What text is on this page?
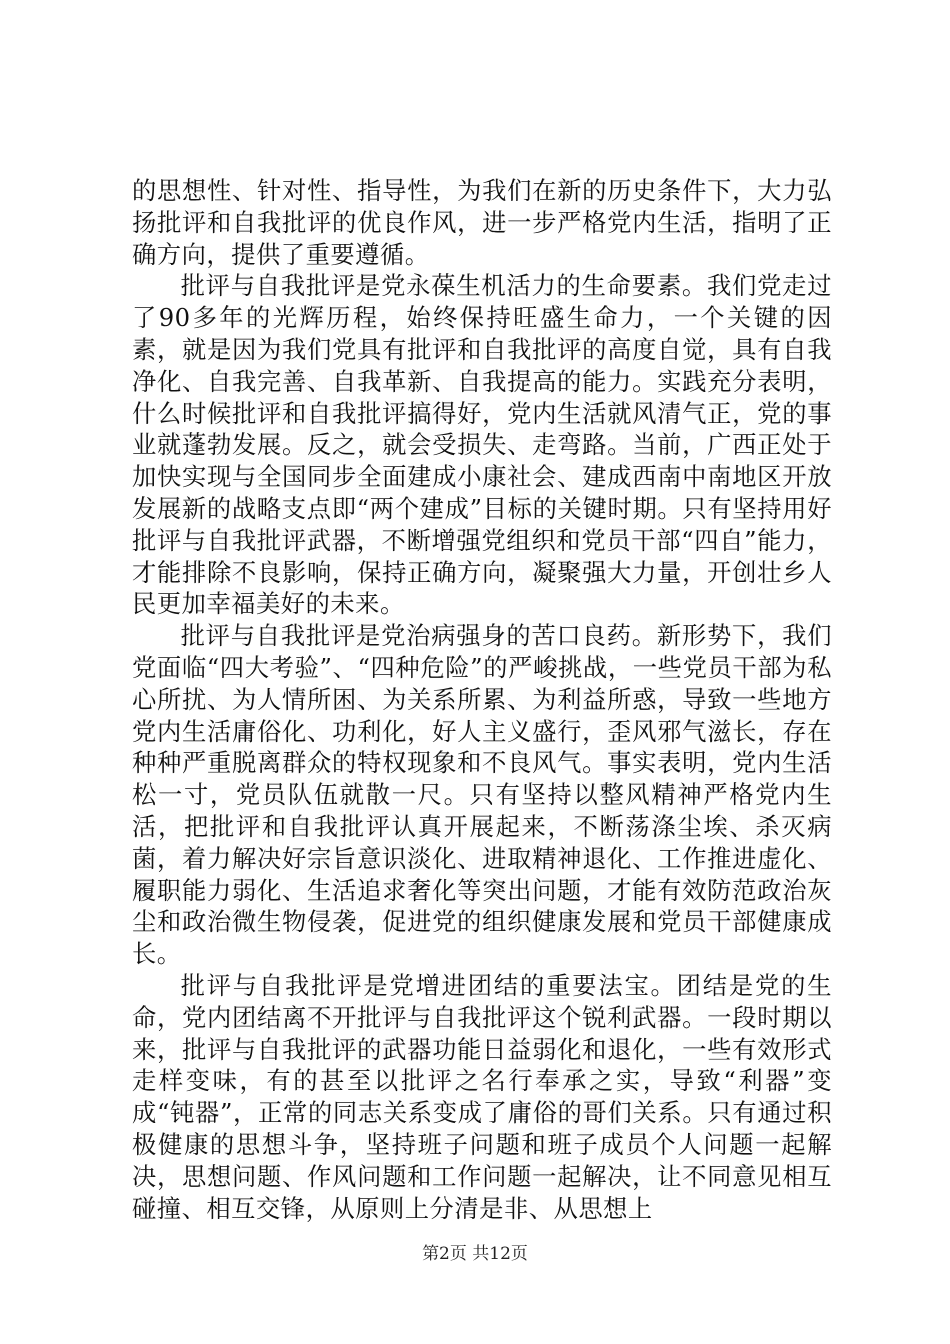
的思想性、针对性、指导性，为我们在新的历史条件下，大力弘扬批评和自我批评的优良作风，进一步严格党内生活，指明了正确方向，提供了重要遵循。

批评与自我批评是党永葆生机活力的生命要素。我们党走过了90多年的光辉历程，始终保持旺盛生命力，一个关键的因素，就是因为我们党具有批评和自我批评的高度自觉，具有自我净化、自我完善、自我革新、自我提高的能力。实践充分表明，什么时候批评和自我批评搞得好，党内生活就风清气正，党的事业就蓬勃发展。反之，就会受损失、走弯路。当前，广西正处于加快实现与全国同步全面建成小康社会、建成西南中南地区开放发展新的战略支点即“两个建成”目标的关键时期。只有坚持用好批评与自我批评武器，不断增强党组织和党员干部“四自”能力，才能排除不良影响，保持正确方向，凝聚强大力量，开创壮乡人民更加幸福美好的未来。

批评与自我批评是党治病强身的苦口良药。新形势下，我们党面临“四大考验”、“四种危险”的严峻挑战，一些党员干部为私心所扰、为人情所困、为关系所累、为利益所惑，导致一些地方党内生活庸俗化、功利化，好人主义盛行，歪风邪气滋长，存在种种严重脱离群众的特权现象和不良风气。事实表明，党内生活松一寸，党员队伍就散一尺。只有坚持以整风精神严格党内生活，把批评和自我批评认真开展起来，不断荡涤尘埃、杀灭病菌，着力解决好宗旨意识淡化、进取精神退化、工作推进虚化、履职能力弱化、生活追求奢化等突出问题，才能有效防范政治灰尘和政治微生物侵袭，促进党的组织健康发展和党员干部健康成长。

批评与自我批评是党增进团结的重要法宝。团结是党的生命，党内团结离不开批评与自我批评这个锐利武器。一段时期以来，批评与自我批评的武器功能日益弱化和退化，一些有效形式走样变味，有的甚至以批评之名行奉承之实，导致“利器”变成“钝器”，正常的同志关系变成了庸俗的哥们关系。只有通过积极健康的思想斗争，坚持班子问题和班子成员个人问题一起解决，思想问题、作风问题和工作问题一起解决，让不同意见相互碰撞、相互交锋，从原则上分清是非、从思想上

第2页 共12页
